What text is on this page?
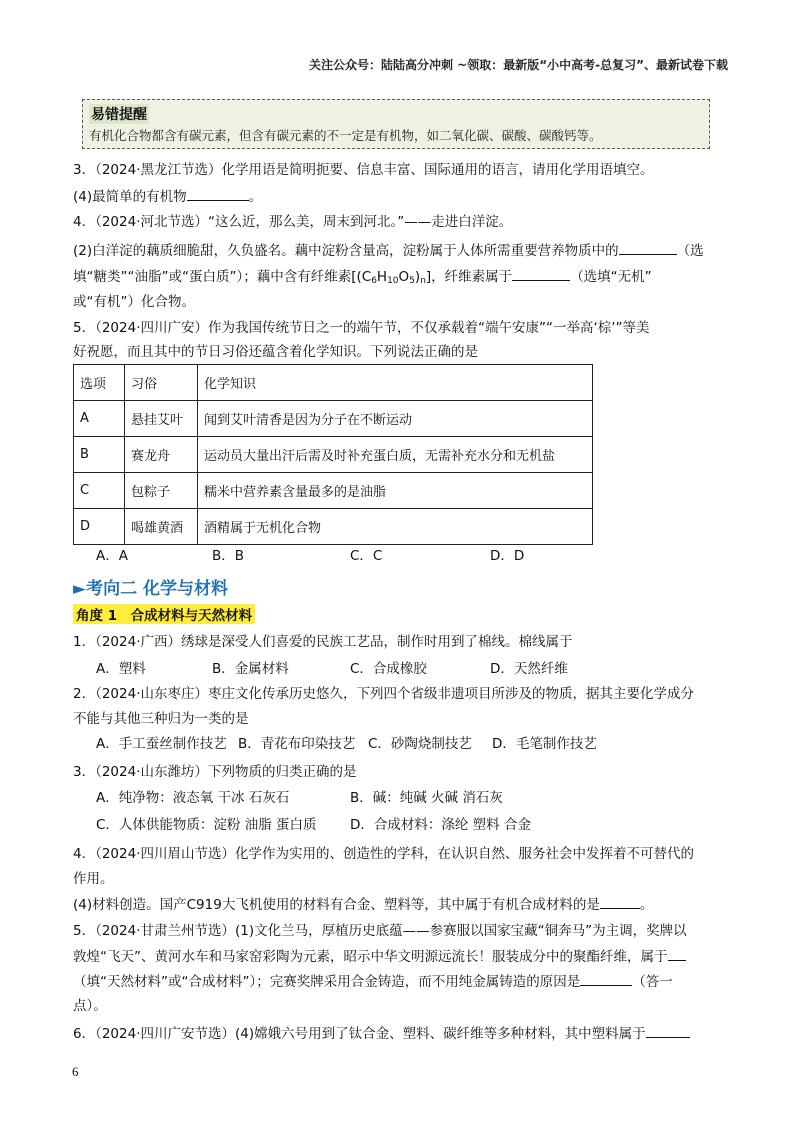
关注公众号：陆陆高分冲刺 ~领取：最新版“小中高考-总复习”、最新试卷下载
易错提醒
有机化合物都含有碳元素，但含有碳元素的不一定是有机物，如二氧化碳、碳酸、碳酸钙等。
3．（2024·黑龙江节选）化学用语是简明扼要、信息丰富、国际通用的语言，请用化学用语填空。
(4)最简单的有机物	。
4．（2024·河北节选）“这么近，那么美，周末到河北。”——走进白洋淀。
(2)白洋淀的藕质细脆甜，久负盛名。藕中淀粉含量高，淀粉属于人体所需重要营养物质中的	（选
填“糖类”“油脂”或“蛋白质”）；藕中含有纤维素$[(C_6H_{10}O_5)_n]$，纤维素属于	（选填“无机”
或“有机”）化合物。
5．（2024·四川广安）作为我国传统节日之一的端午节，不仅承载着“端午安康”“一举高‘棕’”等美
好祝愿，而且其中的节日习俗还蕴含着化学知识。下列说法正确的是
选项	习俗	化学知识
A	悬挂艾叶	闻到艾叶清香是因为分子在不断运动
B	赛龙舟	运动员大量出汗后需及时补充蛋白质，无需补充水分和无机盐
C	包粽子	糯米中营养素含量最多的是油脂
D	喝雄黄酒	酒精属于无机化合物
A．A	B．B	C．C	D．D
►考向二 化学与材料
角度 1　合成材料与天然材料
1．（2024·广西）绣球是深受人们喜爱的民族工艺品，制作时用到了棉线。棉线属于
A．塑料	B．金属材料	C．合成橡胶	D．天然纤维
2．（2024·山东枣庄）枣庄文化传承历史悠久，下列四个省级非遗项目所涉及的物质，据其主要化学成分
不能与其他三种归为一类的是
A．手工蚕丝制作技艺 B．青花布印染技艺 C．砂陶烧制技艺 D．毛笔制作技艺
3．（2024·山东潍坊）下列物质的归类正确的是
A．纯净物：液态氧 干冰 石灰石	B．碱：纯碱 火碱 消石灰
C．人体供能物质：淀粉 油脂 蛋白质 D．合成材料：涤纶 塑料 合金
4．（2024·四川眉山节选）化学作为实用的、创造性的学科，在认识自然、服务社会中发挥着不可替代的
作用。
(4)材料创造。国产C919大飞机使用的材料有合金、塑料等，其中属于有机合成材料的是	。
5．（2024·甘肃兰州节选）(1)文化兰马，厚植历史底蕴——参赛服以国家宝藏“铜奔马”为主调，奖牌以
敦煌“飞天”、黄河水车和马家窑彩陶为元素，昭示中华文明源远流长！服装成分中的聚酯纤维，属于
（填“天然材料”或“合成材料”）；完赛奖牌采用合金铸造，而不用纯金属铸造的原因是	（答一
点）。
6．（2024·四川广安节选）(4)嫦娥六号用到了钛合金、塑料、碳纤维等多种材料，其中塑料属于
6
